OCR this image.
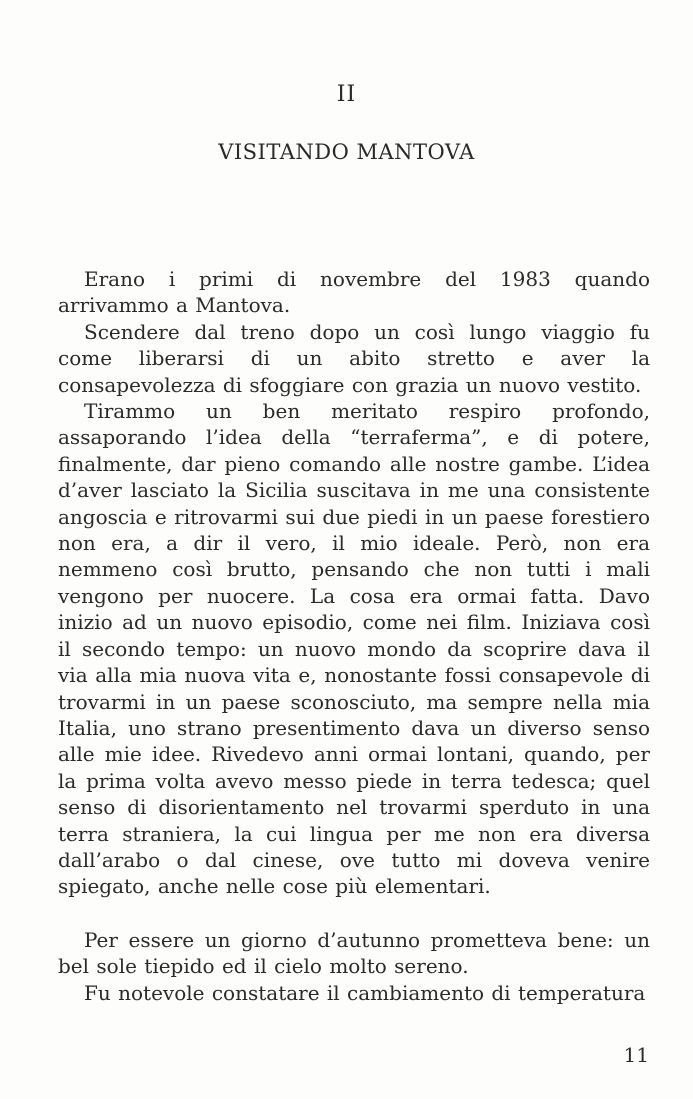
II
VISITANDO MANTOVA

Erano i primi di novembre del 1983 quando arrivammo a Mantova.

Scendere dal treno dopo un così lungo viaggio fu come liberarsi di un abito stretto e aver la consapevolezza di sfoggiare con grazia un nuovo vestito.

Tirammo un ben meritato respiro profondo, assaporando l’idea della “terraferma”, e di potere, finalmente, dar pieno comando alle nostre gambe. L’idea d’aver lasciato la Sicilia suscitava in me una consistente angoscia e ritrovarmi sui due piedi in un paese forestiero non era, a dir il vero, il mio ideale. Però, non era nemmeno così brutto, pensando che non tutti i mali vengono per nuocere. La cosa era ormai fatta. Davo inizio ad un nuovo episodio, come nei film. Iniziava così il secondo tempo: un nuovo mondo da scoprire dava il via alla mia nuova vita e, nonostante fossi consapevole di trovarmi in un paese sconosciuto, ma sempre nella mia Italia, uno strano presentimento dava un diverso senso alle mie idee. Rivedevo anni ormai lontani, quando, per la prima volta avevo messo piede in terra tedesca; quel senso di disorientamento nel trovarmi sperduto in una terra straniera, la cui lingua per me non era diversa dall’arabo o dal cinese, ove tutto mi doveva venire spiegato, anche nelle cose più elementari.

Per essere un giorno d’autunno prometteva bene: un bel sole tiepido ed il cielo molto sereno.

Fu notevole constatare il cambiamento di temperatura

11
